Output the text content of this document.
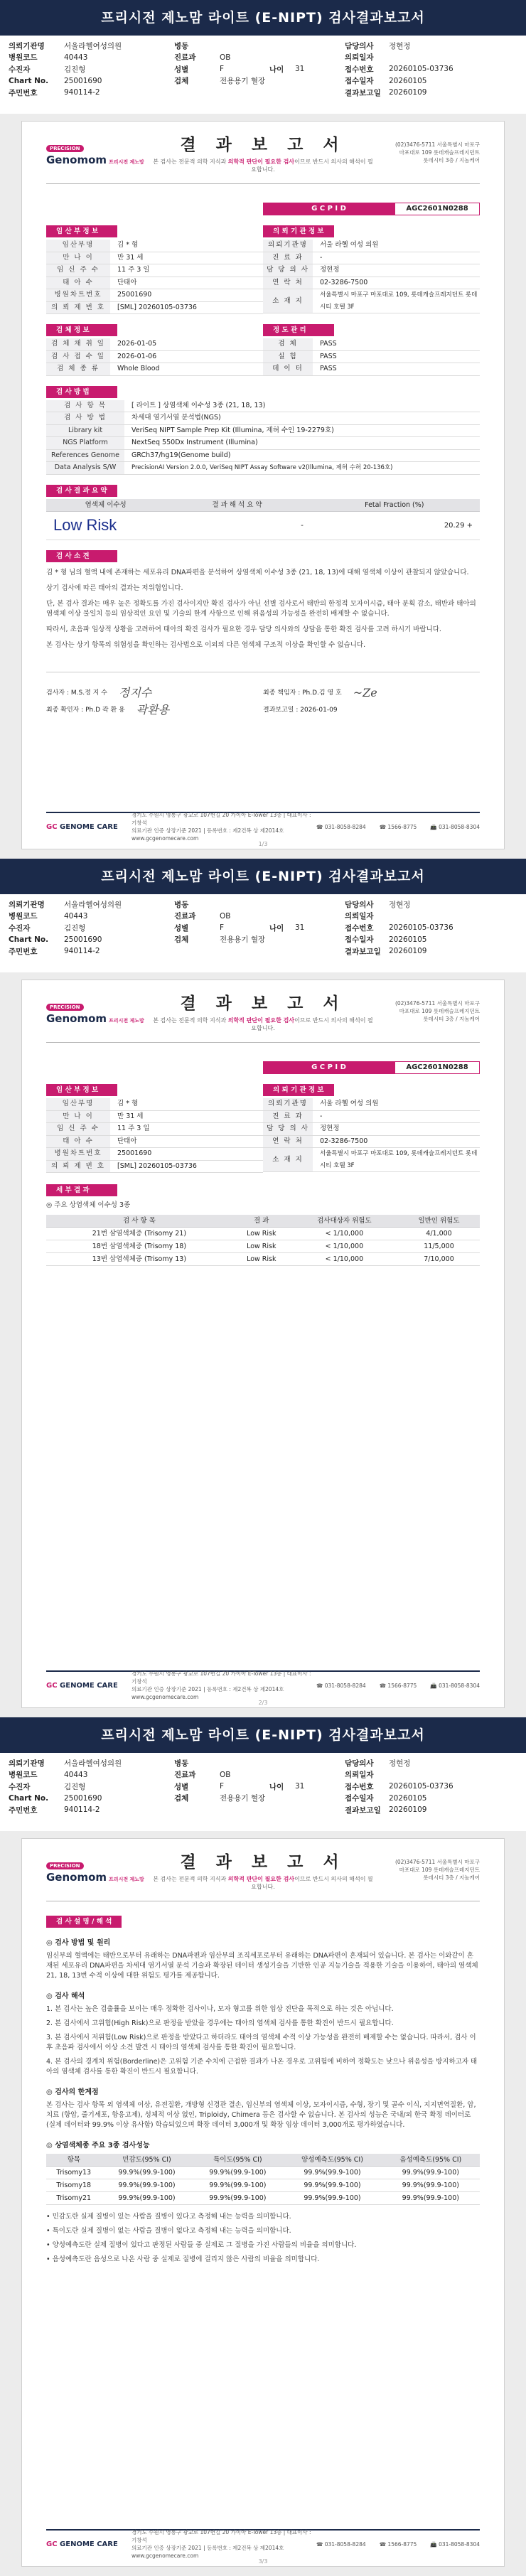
프리시전 제노맘 라이트 (E-NIPT) 검사결과보고서
의뢰기관명	서울라헬여성의원	병동	담당의사	정현정
병원코드	40443	진료과	OB	의뢰일자
수진자	김진형	성별	F	나이	31	접수번호	20260105-03736
Chart No.	25001690	검체	전용용기 혈장	접수일자	20260105
주민번호	940114-2	결과보고일	20260109
PRECISION
Genomom 프리시전 제노맘
결 과 보 고 서
본 검사는 전문적 의학 지식과 의학적 판단이 필요한 검사이므로 반드시 의사의 해석이 필요합니다.
(02)3476-5711 서울특별시 마포구
마포대로 109 롯데캐슬프레지던트
롯데시티 3층 / 지놈케어
G C P I D	AGC2601N0288
임 산 부 정 보	의 뢰 기 관 정 보
임산부명	김 * 형
만 나 이	만 31 세
임 신 주 수	11 주 3 일
태 아 수	단태아
병원차트번호	25001690
의 뢰 제 번 호	[SML] 20260105-03736
의뢰기관명	서울 라헬 여성 의원
진 료 과	-
담 당 의 사	정현정
연 락 처	02-3286-7500
소 재 지
서울특별시 마포구 마포대로 109, 롯데캐슬프레지던트 롯데시티 호텔 3F
검 체 정 보	정 도 관 리
검 체 채 취 일	2026-01-05
검 사 접 수 일	2026-01-06
검 체 종 류	Whole Blood
검 체	PASS
실 험	PASS
데 이 터	PASS
검 사 방 법
검 사 항 목	[ 라이트 ] 상염색체 이수성 3종 (21, 18, 13)
검 사 방 법	차세대 염기서열 분석법(NGS)
Library kit	VeriSeq NIPT Sample Prep Kit (Illumina, 제허 수인 19-2279호)
NGS Platform	NextSeq 550Dx Instrument (Illumina)
References Genome	GRCh37/hg19(Genome build)
Data Analysis S/W	PrecisionAI Version 2.0.0, VeriSeq NIPT Assay Software v2(Illumina, 제허 수허 20-136호)
검 사 결 과 요 약
염색체 이수성	결 과 해 석 요 약	Fetal Fraction (%)
Low Risk	-	20.29 +
검 사 소 견
김 * 형 님의 혈액 내에 존재하는 세포유리 DNA파편을 분석하여 상염색체 이수성 3종 (21, 18, 13)에 대해 염색체 이상이 관찰되지 않았습니다.
상기 검사에 따른 태아의 결과는 저위험입니다.
단, 본 검사 결과는 매우 높은 정확도를 가진 검사이지만 확진 검사가 아닌 선별 검사로서 태반의 한정적 모자이시즘, 태아 분획 감소, 태반과 태아의 염색체 이상 불일치 등의 임상적인 요인 및 기술의 한계 사항으로 인해 위음성의 가능성을 완전히 배제할 수 없습니다.
따라서, 초음파 임상적 상황을 고려하여 태아의 확진 검사가 필요한 경우 담당 의사와의 상담을 통한 확진 검사를 고려 하시기 바랍니다.
본 검사는 상기 항목의 위험성을 확인하는 검사법으로 이외의 다른 염색체 구조적 이상을 확인할 수 없습니다.
검사자 :
M.S.정 지 수 정지수	최종 책임자 :
Ph.D.김 영 호 ~Ze
최종 확인자 :
Ph.D 곽 환 용 곽환용	결과보고일 :
2026-01-09
GC GENOME CARE
경기도 수원시 영통구 광교로 107번길 20 가이아 E-Tower 13층 | 대표이사 : 기창석
의료기관 인증 상장기준 2021 | 등록번호 : 제2건복 상 제2014호
www.gcgenomecare.com
☎ 031-8058-8284	☎ 1566-8775	📠 031-8058-8304
1/3
프리시전 제노맘 라이트 (E-NIPT) 검사결과보고서
의뢰기관명	서울라헬여성의원	병동	담당의사	정현정
병원코드	40443	진료과	OB	의뢰일자
수진자	김진형	성별	F	나이	31	접수번호	20260105-03736
Chart No.	25001690	검체	전용용기 혈장	접수일자	20260105
주민번호	940114-2	결과보고일	20260109
PRECISION
Genomom 프리시전 제노맘
결 과 보 고 서
본 검사는 전문적 의학 지식과 의학적 판단이 필요한 검사이므로 반드시 의사의 해석이 필요합니다.
(02)3476-5711 서울특별시 마포구
마포대로 109 롯데캐슬프레지던트
롯데시티 3층 / 지놈케어
G C P I D	AGC2601N0288
임 산 부 정 보	의 뢰 기 관 정 보
임산부명	김 * 형
만 나 이	만 31 세
임 신 주 수	11 주 3 일
태 아 수	단태아
병원차트번호	25001690
의 뢰 제 번 호	[SML] 20260105-03736
의뢰기관명	서울 라헬 여성 의원
진 료 과	-
담 당 의 사	정현정
연 락 처	02-3286-7500
소 재 지
서울특별시 마포구 마포대로 109, 롯데캐슬프레지던트 롯데시티 호텔 3F
세 부 결 과
◎ 주요 상염색체 이수성 3종
검 사 항 목	결 과	검사대상자 위험도	일반인 위험도
21번 삼염색체증 (Trisomy 21)	Low Risk	< 1/10,000	4/1,000
18번 삼염색체증 (Trisomy 18)	Low Risk	< 1/10,000	11/5,000
13번 삼염색체증 (Trisomy 13)	Low Risk	< 1/10,000	7/10,000
GC GENOME CARE
경기도 수원시 영통구 광교로 107번길 20 가이아 E-Tower 13층 | 대표이사 : 기창석
의료기관 인증 상장기준 2021 | 등록번호 : 제2건복 상 제2014호
www.gcgenomecare.com
☎ 031-8058-8284	☎ 1566-8775	📠 031-8058-8304
2/3
프리시전 제노맘 라이트 (E-NIPT) 검사결과보고서
의뢰기관명	서울라헬여성의원	병동	담당의사	정현정
병원코드	40443	진료과	OB	의뢰일자
수진자	김진형	성별	F	나이	31	접수번호	20260105-03736
Chart No.	25001690	검체	전용용기 혈장	접수일자	20260105
주민번호	940114-2	결과보고일	20260109
PRECISION
Genomom 프리시전 제노맘
결 과 보 고 서
본 검사는 전문적 의학 지식과 의학적 판단이 필요한 검사이므로 반드시 의사의 해석이 필요합니다.
(02)3476-5711 서울특별시 마포구
마포대로 109 롯데캐슬프레지던트
롯데시티 3층 / 지놈케어
검 사 설 명 / 해 석
◎ 검사 방법 및 원리
임신부의 혈액에는 태반으로부터 유래하는 DNA파편과 임산부의 조직세포로부터 유래하는 DNA파편이 혼재되어 있습니다. 본 검사는 이와같이 혼재된 세포유리 DNA파편을 차세대 염기서열 분석 기술과 확장된 데이터 생성기술을 기반한 인공 지능기술을 적용한 기술을 이용하여, 태아의 염색체 21, 18, 13번 수적 이상에 대한 위험도 평가를 제공합니다.
◎ 검사 해석
1. 본 검사는 높은 검출률을 보이는 매우 정확한 검사이나, 모자 형고를 위한 임상 진단을 목적으로 하는 것은 아닙니다.
2. 본 검사에서 고위험(High Risk)으로 판정을 받았을 경우에는 태아의 염색체 검사를 통한 확진이 반드시 필요합니다.
3. 본 검사에서 저위험(Low Risk)으로 판정을 받았다고 하더라도 태아의 염색체 수적 이상 가능성을 완전히 배제할 수는 없습니다. 따라서, 검사 이후 초음파 검사에서 이상 소견 발견 시 태아의 염색체 검사를 통한 확진이 필요합니다.
4. 본 검사의 경계치 위험(Borderline)은 고위험 기준 수치에 근접한 결과가 나온 경우로 고위험에 비하여 정확도는 낮으나 위음성을 방지하고자 태아의 염색체 검사를 통한 확진이 반드시 필요합니다.
◎ 검사의 한계점
본 검사는 검사 항목 외 염색체 이상, 유전질환, 개방형 신경관 결손, 임신부의 염색체 이상, 모자이시즘, 수형, 장기 및 골수 이식, 지지면역질환, 암, 치료 (항암, 줄기세포, 항응고제), 성체적 이상 없인, Triploidy, Chimera 등은 검사할 수 없습니다. 본 검사의 성능은 국내/외 한국 확정 데이터로 (실제 데이터와 99.9% 이상 유사함) 학습되었으며 확장 데이터 3,000개 및 확장 임상 데이터 3,000개로 평가하였습니다.
◎ 상염색체종 주요 3종 검사성능
항목	민감도(95% CI)	특이도(95% CI)	양성예측도(95% CI)	음성예측도(95% CI)
Trisomy13	99.9%(99.9-100)	99.9%(99.9-100)	99.9%(99.9-100)	99.9%(99.9-100)
Trisomy18	99.9%(99.9-100)	99.9%(99.9-100)	99.9%(99.9-100)	99.9%(99.9-100)
Trisomy21	99.9%(99.9-100)	99.9%(99.9-100)	99.9%(99.9-100)	99.9%(99.9-100)
• 민감도란 실제 질병이 있는 사람을 질병이 있다고 측정해 내는 능력을 의미합니다.
• 특이도란 실제 질병이 없는 사람을 질병이 없다고 측정해 내는 능력을 의미합니다.
• 양성예측도란 실제 질병이 있다고 판정된 사람들 중 실제로 그 질병을 가진 사람들의 비율을 의미합니다.
• 음성예측도란 음성으로 나온 사람 중 실제로 질병에 걸리지 않은 사람의 비율을 의미합니다.
GC GENOME CARE
경기도 수원시 영통구 광교로 107번길 20 가이아 E-Tower 13층 | 대표이사 : 기창석
의료기관 인증 상장기준 2021 | 등록번호 : 제2건복 상 제2014호
www.gcgenomecare.com
☎ 031-8058-8284	☎ 1566-8775	📠 031-8058-8304
3/3
